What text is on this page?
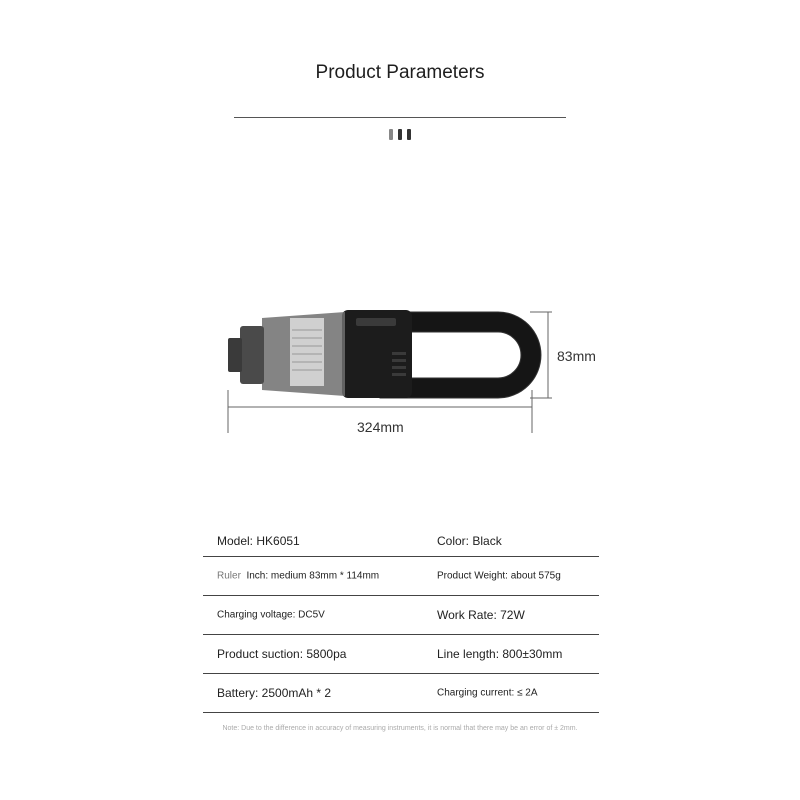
Product Parameters
324mm
83mm
Model: HK6051	Color: Black
Ruler Inch: medium 83mm * 114mm	Product Weight: about 575g
Charging voltage: DC5V	Work Rate: 72W
Product suction: 5800pa	Line length: 800±30mm
Battery: 2500mAh * 2	Charging current: ≤ 2A
Note: Due to the difference in accuracy of measuring instruments, it is normal that there may be an error of ± 2mm.
